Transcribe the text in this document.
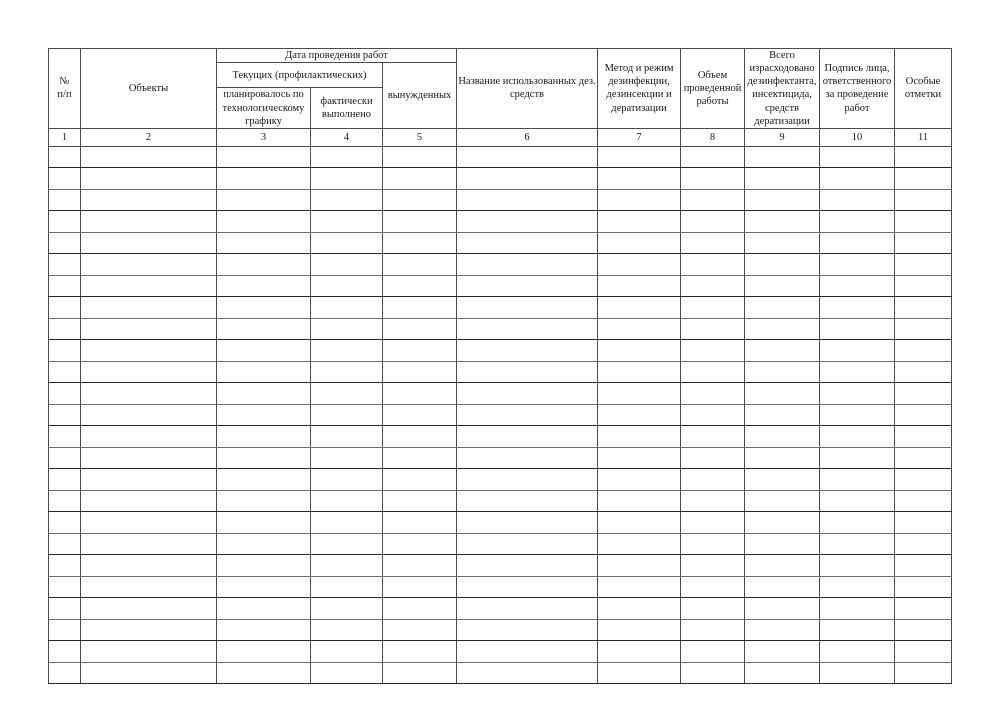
№
п/п	Объекты	Дата проведения работ			Название использованных дез. средств	Метод и режим дезинфекции, дезинсекции и дератизации	Объем проведенной работы	Всего израсходовано дезинфектанта, инсектицида, средств дератизации	Подпись лица, ответственного за проведение работ	Особые отметки
		Текущих (профилактических)		вынужденных						
		планировалось по технологическому графику	фактически выполнено							
1	2	3	4	5	6	7	8	9	10	11
